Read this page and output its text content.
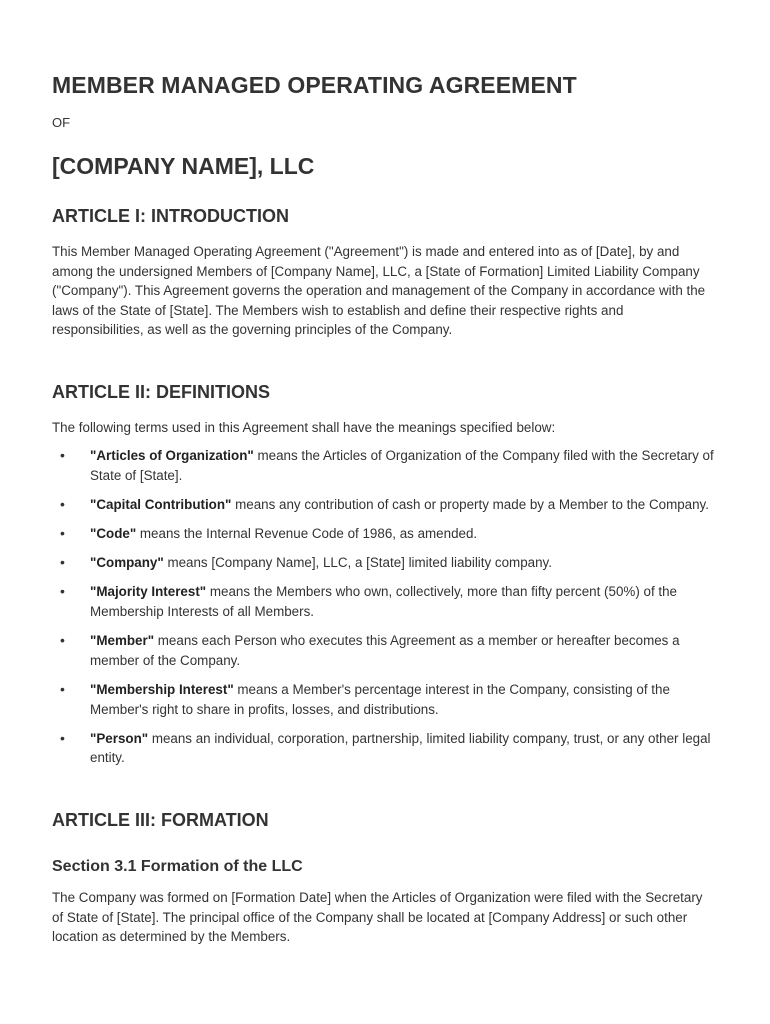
MEMBER MANAGED OPERATING AGREEMENT

OF

[COMPANY NAME], LLC
ARTICLE I: INTRODUCTION

This Member Managed Operating Agreement ("Agreement") is made and entered into as of [Date], by and among the undersigned Members of [Company Name], LLC, a [State of Formation] Limited Liability Company ("Company"). This Agreement governs the operation and management of the Company in accordance with the laws of the State of [State]. The Members wish to establish and define their respective rights and responsibilities, as well as the governing principles of the Company.

ARTICLE II: DEFINITIONS

The following terms used in this Agreement shall have the meanings specified below:

• "Articles of Organization" means the Articles of Organization of the Company filed with the Secretary of State of [State].
• "Capital Contribution" means any contribution of cash or property made by a Member to the Company.
• "Code" means the Internal Revenue Code of 1986, as amended.
• "Company" means [Company Name], LLC, a [State] limited liability company.
• "Majority Interest" means the Members who own, collectively, more than fifty percent (50%) of the Membership Interests of all Members.
• "Member" means each Person who executes this Agreement as a member or hereafter becomes a member of the Company.
• "Membership Interest" means a Member's percentage interest in the Company, consisting of the Member's right to share in profits, losses, and distributions.
• "Person" means an individual, corporation, partnership, limited liability company, trust, or any other legal entity.
ARTICLE III: FORMATION
Section 3.1 Formation of the LLC

The Company was formed on [Formation Date] when the Articles of Organization were filed with the Secretary of State of [State]. The principal office of the Company shall be located at [Company Address] or such other location as determined by the Members.
